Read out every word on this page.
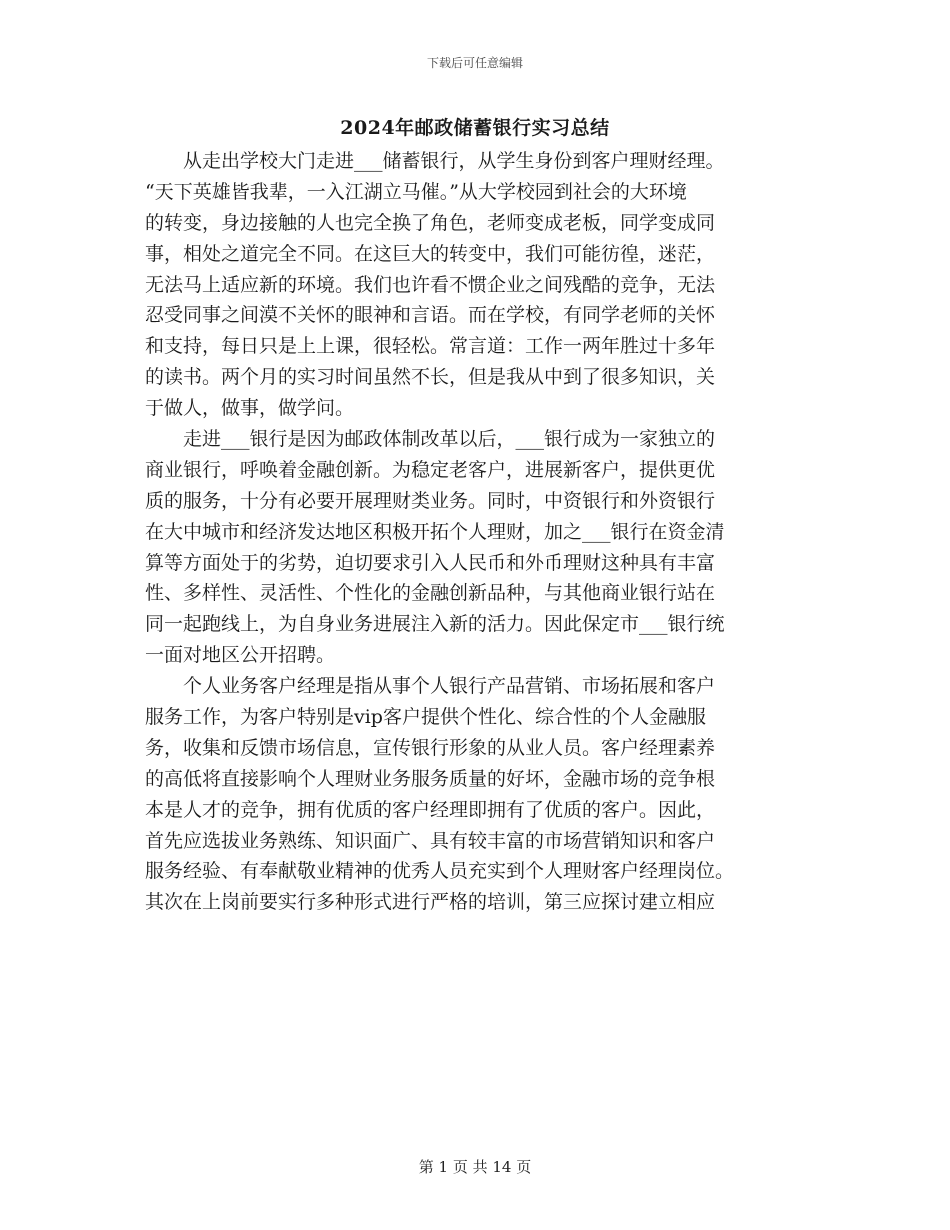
下载后可任意编辑
2024年邮政储蓄银行实习总结
从走出学校大门走进___储蓄银行，从学生身份到客户理财经理。
“天下英雄皆我辈，一入江湖立马催。”从大学校园到社会的大环境
的转变，身边接触的人也完全换了角色，老师变成老板，同学变成同
事，相处之道完全不同。在这巨大的转变中，我们可能彷徨，迷茫，
无法马上适应新的环境。我们也许看不惯企业之间残酷的竞争，无法
忍受同事之间漠不关怀的眼神和言语。而在学校，有同学老师的关怀
和支持，每日只是上上课，很轻松。常言道：工作一两年胜过十多年
的读书。两个月的实习时间虽然不长，但是我从中到了很多知识，关
于做人，做事，做学问。
走进___银行是因为邮政体制改革以后，___银行成为一家独立的
商业银行，呼唤着金融创新。为稳定老客户，进展新客户，提供更优
质的服务，十分有必要开展理财类业务。同时，中资银行和外资银行
在大中城市和经济发达地区积极开拓个人理财，加之___银行在资金清
算等方面处于的劣势，迫切要求引入人民币和外币理财这种具有丰富
性、多样性、灵活性、个性化的金融创新品种，与其他商业银行站在
同一起跑线上，为自身业务进展注入新的活力。因此保定市___银行统
一面对地区公开招聘。
个人业务客户经理是指从事个人银行产品营销、市场拓展和客户
服务工作，为客户特别是vip客户提供个性化、综合性的个人金融服
务，收集和反馈市场信息，宣传银行形象的从业人员。客户经理素养
的高低将直接影响个人理财业务服务质量的好坏，金融市场的竞争根
本是人才的竞争，拥有优质的客户经理即拥有了优质的客户。因此，
首先应选拔业务熟练、知识面广、具有较丰富的市场营销知识和客户
服务经验、有奉献敬业精神的优秀人员充实到个人理财客户经理岗位。
其次在上岗前要实行多种形式进行严格的培训，第三应探讨建立相应
第 1 页 共 14 页
